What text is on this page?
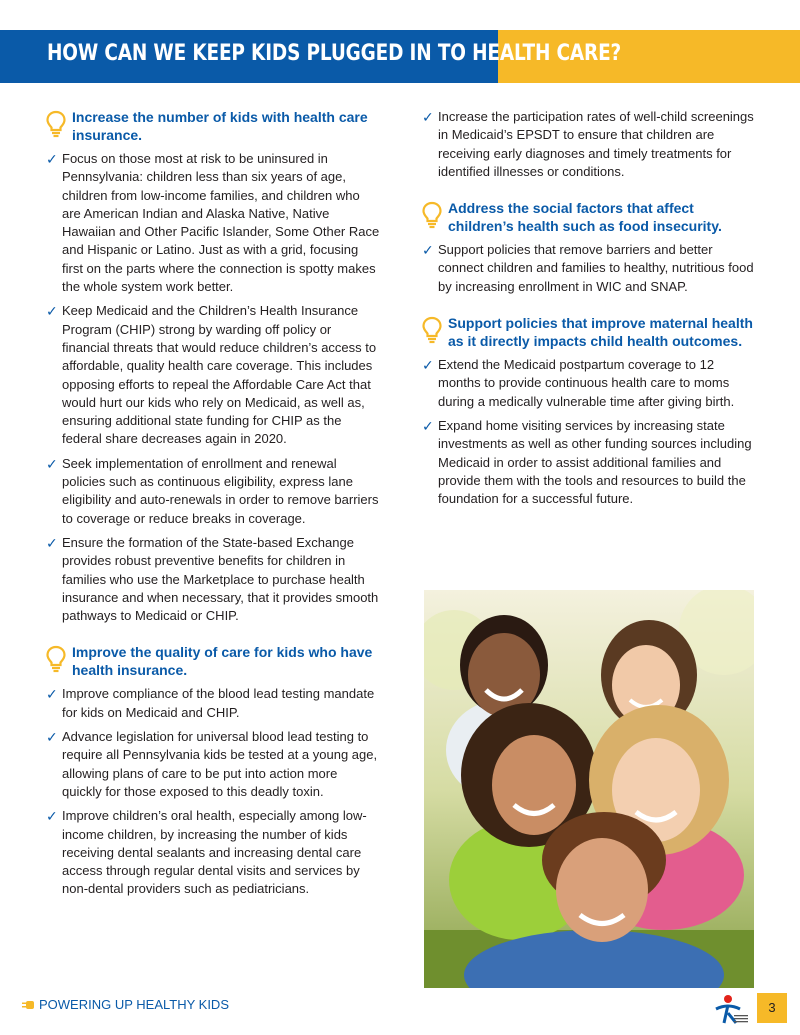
HOW CAN WE KEEP KIDS PLUGGED IN TO HEALTH CARE?
Increase the number of kids with health care insurance.
✓ Focus on those most at risk to be uninsured in Pennsylvania: children less than six years of age, children from low-income families, and children who are American Indian and Alaska Native, Native Hawaiian and Other Pacific Islander, Some Other Race and Hispanic or Latino. Just as with a grid, focusing first on the parts where the connection is spotty makes the whole system work better.
✓ Keep Medicaid and the Children’s Health Insurance Program (CHIP) strong by warding off policy or financial threats that would reduce children’s access to affordable, quality health care coverage. This includes opposing efforts to repeal the Affordable Care Act that would hurt our kids who rely on Medicaid, as well as, ensuring additional state funding for CHIP as the federal share decreases again in 2020.
✓ Seek implementation of enrollment and renewal policies such as continuous eligibility, express lane eligibility and auto-renewals in order to remove barriers to coverage or reduce breaks in coverage.
✓ Ensure the formation of the State-based Exchange provides robust preventive benefits for children in families who use the Marketplace to purchase health insurance and when necessary, that it provides smooth pathways to Medicaid or CHIP.
Improve the quality of care for kids who have health insurance.
✓ Improve compliance of the blood lead testing mandate for kids on Medicaid and CHIP.
✓ Advance legislation for universal blood lead testing to require all Pennsylvania kids be tested at a young age, allowing plans of care to be put into action more quickly for those exposed to this deadly toxin.
✓ Improve children’s oral health, especially among low-income children, by increasing the number of kids receiving dental sealants and increasing dental care access through regular dental visits and services by non-dental providers such as pediatricians.
✓ Increase the participation rates of well-child screenings in Medicaid’s EPSDT to ensure that children are receiving early diagnoses and timely treatments for identified illnesses or conditions.
Address the social factors that affect children’s health such as food insecurity.
✓ Support policies that remove barriers and better connect children and families to healthy, nutritious food by increasing enrollment in WIC and SNAP.
Support policies that improve maternal health as it directly impacts child health outcomes.
✓ Extend the Medicaid postpartum coverage to 12 months to provide continuous health care to moms during a medically vulnerable time after giving birth.
✓ Expand home visiting services by increasing state investments as well as other funding sources including Medicaid in order to assist additional families and provide them with the tools and resources to build the foundation for a successful future.
POWERING UP HEALTHY KIDS	3
